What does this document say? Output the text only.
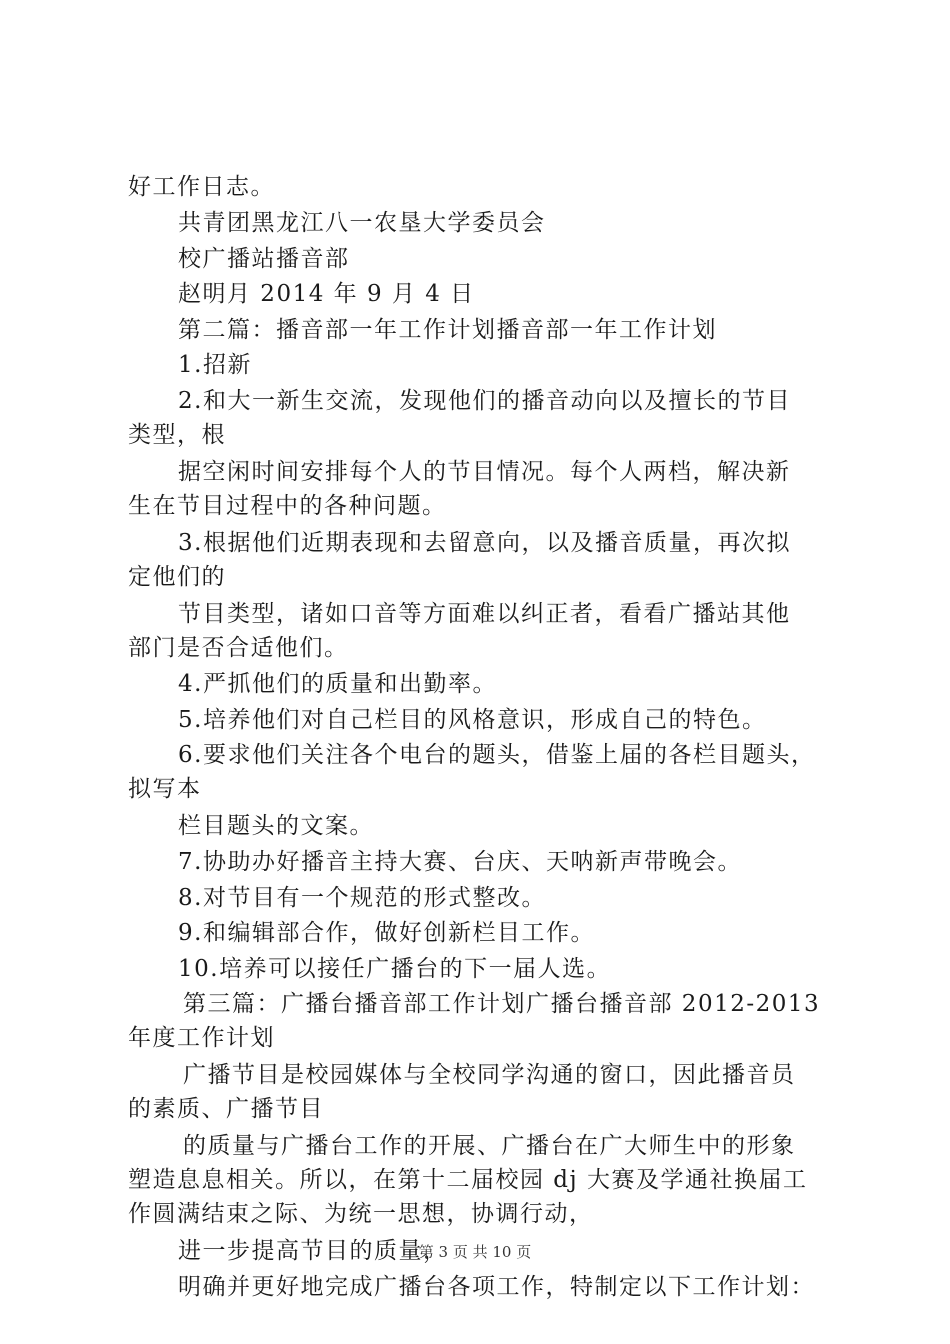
好工作日志。
共青团黑龙江八一农垦大学委员会
校广播站播音部
赵明月 2014 年 9 月 4 日
第二篇：播音部一年工作计划播音部一年工作计划
1.招新
2.和大一新生交流，发现他们的播音动向以及擅长的节目
类型，根
据空闲时间安排每个人的节目情况。每个人两档，解决新
生在节目过程中的各种问题。
3.根据他们近期表现和去留意向，以及播音质量，再次拟
定他们的
节目类型，诸如口音等方面难以纠正者，看看广播站其他
部门是否合适他们。
4.严抓他们的质量和出勤率。
5.培养他们对自己栏目的风格意识，形成自己的特色。
6.要求他们关注各个电台的题头，借鉴上届的各栏目题头，
拟写本
栏目题头的文案。
7.协助办好播音主持大赛、台庆、天呐新声带晚会。
8.对节目有一个规范的形式整改。
9.和编辑部合作，做好创新栏目工作。
10.培养可以接任广播台的下一届人选。
第三篇：广播台播音部工作计划广播台播音部 2012-2013
年度工作计划
广播节目是校园媒体与全校同学沟通的窗口，因此播音员
的素质、广播节目
的质量与广播台工作的开展、广播台在广大师生中的形象
塑造息息相关。所以，在第十二届校园 dj 大赛及学通社换届工
作圆满结束之际、为统一思想，协调行动，
进一步提高节目的质量，
明确并更好地完成广播台各项工作，特制定以下工作计划：
第 3 页 共 10 页
